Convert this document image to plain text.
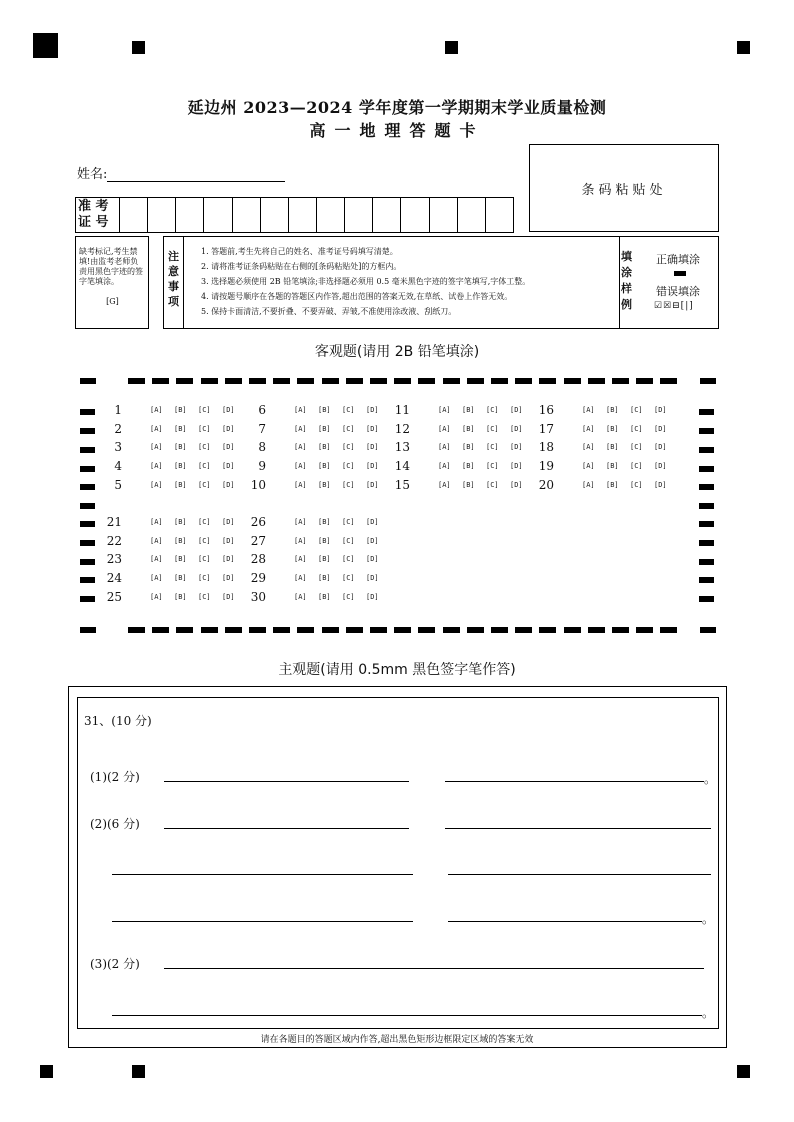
延边州 2023—2024 学年度第一学期期末学业质量检测
高一地理答题卡
姓名:
条码粘贴处
准 考 证 号
缺考标记,考生禁填!由监考老师负责用黑色字迹的签字笔填涂。
[G]
注意事项
1. 答题前,考生先将自己的姓名、准考证号码填写清楚。
2. 请将准考证条码粘贴在右侧的[条码粘贴处]的方框内。
3. 选择题必须使用 2B 铅笔填涂;非选择题必须用 0.5 毫米黑色字迹的签字笔填写,字体工整。
4. 请按题号顺序在各题的答题区内作答,超出范围的答案无效,在草纸、试卷上作答无效。
5. 保持卡面清洁,不要折叠、不要弄破、弄皱,不准使用涂改液、刮纸刀。
填涂样例
正确填涂
错误填涂
☑☒⊟[|]
客观题(请用 2B 铅笔填涂)
1	[A] [B] [C] [D]
2	[A] [B] [C] [D]
3	[A] [B] [C] [D]
4	[A] [B] [C] [D]
5	[A] [B] [C] [D]
6	[A] [B] [C] [D]
7	[A] [B] [C] [D]
8	[A] [B] [C] [D]
9	[A] [B] [C] [D]
10	[A] [B] [C] [D]
11	[A] [B] [C] [D]
12	[A] [B] [C] [D]
13	[A] [B] [C] [D]
14	[A] [B] [C] [D]
15	[A] [B] [C] [D]
16	[A] [B] [C] [D]
17	[A] [B] [C] [D]
18	[A] [B] [C] [D]
19	[A] [B] [C] [D]
20	[A] [B] [C] [D]
21	[A] [B] [C] [D]
22	[A] [B] [C] [D]
23	[A] [B] [C] [D]
24	[A] [B] [C] [D]
25	[A] [B] [C] [D]
26	[A] [B] [C] [D]
27	[A] [B] [C] [D]
28	[A] [B] [C] [D]
29	[A] [B] [C] [D]
30	[A] [B] [C] [D]
主观题(请用 0.5mm 黑色签字笔作答)
31、(10 分)
(1)(2 分)	。
(2)(6 分)
。
(3)(2 分)
。
请在各题目的答题区域内作答,超出黑色矩形边框限定区域的答案无效
